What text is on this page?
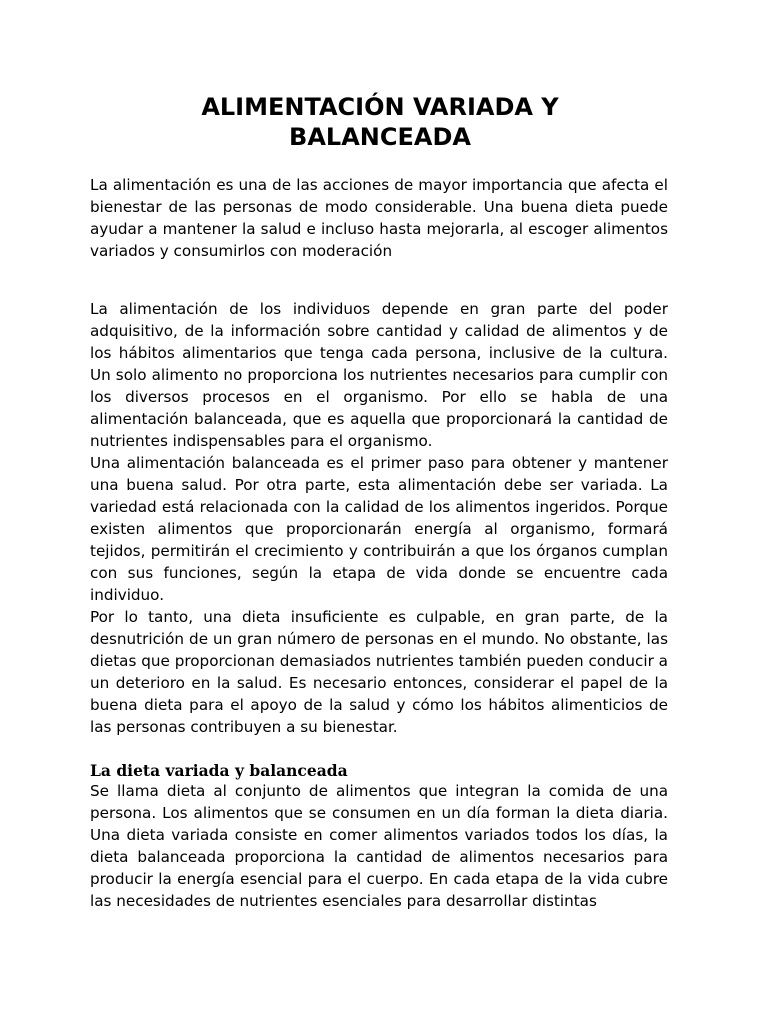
ALIMENTACIÓN VARIADA Y
BALANCEADA

La alimentación es una de las acciones de mayor importancia que afecta el bienestar de las personas de modo considerable. Una buena dieta puede ayudar a mantener la salud e incluso hasta mejorarla, al escoger alimentos variados y consumirlos con moderación

La alimentación de los individuos depende en gran parte del poder adquisitivo, de la información sobre cantidad y calidad de alimentos y de los hábitos alimentarios que tenga cada persona, inclusive de la cultura. Un solo alimento no proporciona los nutrientes necesarios para cumplir con los diversos procesos en el organismo. Por ello se habla de una alimentación balanceada, que es aquella que proporcionará la cantidad de nutrientes indispensables para el organismo.

Una alimentación balanceada es el primer paso para obtener y mantener una buena salud. Por otra parte, esta alimentación debe ser variada. La variedad está relacionada con la calidad de los alimentos ingeridos. Porque existen alimentos que proporcionarán energía al organismo, formará tejidos, permitirán el crecimiento y contribuirán a que los órganos cumplan con sus funciones, según la etapa de vida donde se encuentre cada individuo.

Por lo tanto, una dieta insuficiente es culpable, en gran parte, de la desnutrición de un gran número de personas en el mundo. No obstante, las dietas que proporcionan demasiados nutrientes también pueden conducir a un deterioro en la salud. Es necesario entonces, considerar el papel de la buena dieta para el apoyo de la salud y cómo los hábitos alimenticios de las personas contribuyen a su bienestar.

La dieta variada y balanceada

Se llama dieta al conjunto de alimentos que integran la comida de una persona. Los alimentos que se consumen en un día forman la dieta diaria. Una dieta variada consiste en comer alimentos variados todos los días, la dieta balanceada proporciona la cantidad de alimentos necesarios para producir la energía esencial para el cuerpo. En cada etapa de la vida cubre las necesidades de nutrientes esenciales para desarrollar distintas
